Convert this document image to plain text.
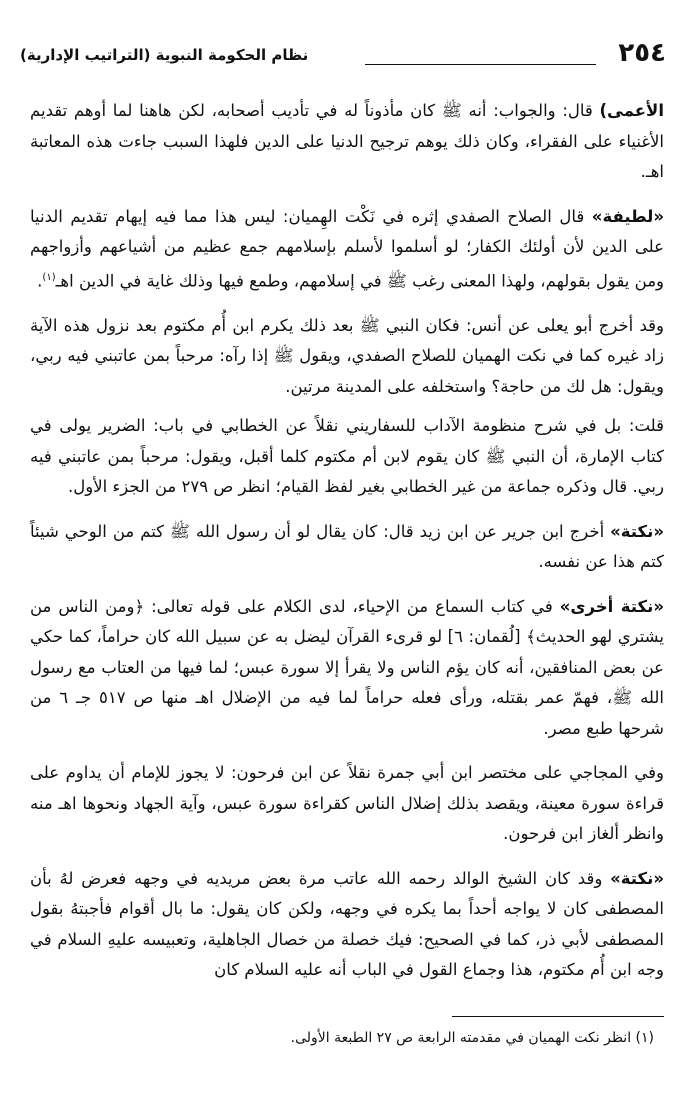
نظام الحكومة النبوية (التراتيب الإدارية)	٢٥٤

الأعمى) قال: والجواب: أنه ﷺ كان مأذوناً له في تأديب أصحابه، لكن هاهنا لما أوهم تقديم الأغنياء على الفقراء، وكان ذلك يوهم ترجيح الدنيا على الدين فلهذا السبب جاءت هذه المعاتبة اهـ.

«لطيفة» قال الصلاح الصفدي إثره في نَكْت الهِميان: ليس هذا مما فيه إيهام تقديم الدنيا على الدين لأن أولئك الكفار؛ لو أسلموا لأسلم بإسلامهم جمع عظيم من أشياعهم وأزواجهم ومن يقول بقولهم، ولهذا المعنى رغب ﷺ في إسلامهم، وطمع فيها وذلك غاية في الدين اهـ$^{(١)}$.

وقد أخرج أبو يعلى عن أنس: فكان النبي ﷺ بعد ذلك يكرم ابن أُم مكتوم بعد نزول هذه الآية زاد غيره كما في نكت الهميان للصلاح الصفدي، ويقول ﷺ إذا رآه: مرحباً بمن عاتبني فيه ربي، ويقول: هل لك من حاجة؟ واستخلفه على المدينة مرتين.

قلت: بل في شرح منظومة الآداب للسفاريني نقلاً عن الخطابي في باب: الضرير يولى في كتاب الإمارة، أن النبي ﷺ كان يقوم لابن أم مكتوم كلما أقبل، ويقول: مرحباً بمن عاتبني فيه ربي. قال وذكره جماعة من غير الخطابي بغير لفظ القيام؛ انظر ص ٢٧٩ من الجزء الأول.

«نكتة» أخرج ابن جرير عن ابن زيد قال: كان يقال لو أن رسول الله ﷺ كتم من الوحي شيئاً كتم هذا عن نفسه.

«نكتة أخرى» في كتاب السماع من الإحياء، لدى الكلام على قوله تعالى: ﴿ومن الناس من يشتري لهو الحديث﴾ [لُقمان: ٦] لو قرىء القرآن ليضل به عن سبيل الله كان حراماً، كما حكي عن بعض المنافقين، أنه كان يؤم الناس ولا يقرأ إلا سورة عبس؛ لما فيها من العتاب مع رسول الله ﷺ، فهمّ عمر بقتله، ورأى فعله حراماً لما فيه من الإضلال اهـ منها ص ٥١٧ جـ ٦ من شرحها طبع مصر.

وفي المجاجي على مختصر ابن أبي جمرة نقلاً عن ابن فرحون: لا يجوز للإمام أن يداوم على قراءة سورة معينة، ويقصد بذلك إضلال الناس كقراءة سورة عبس، وآية الجهاد ونحوها اهـ منه وانظر ألغاز ابن فرحون.

«نكتة» وقد كان الشيخ الوالد رحمه الله عاتب مرة بعض مريديه في وجهه فعرض لهُ بأن المصطفى كان لا يواجه أحداً بما يكره في وجهه، ولكن كان يقول: ما بال أقوام فأجبتهُ بقول المصطفى لأبي ذر، كما في الصحيح: فيك خصلة من خصال الجاهلية، وتعبيسه عليهِ السلام في وجه ابن أُم مكتوم، هذا وجماع القول في الباب أنه عليه السلام كان

(١) انظر نكت الهميان في مقدمته الرابعة ص ٢٧ الطبعة الأولى.
